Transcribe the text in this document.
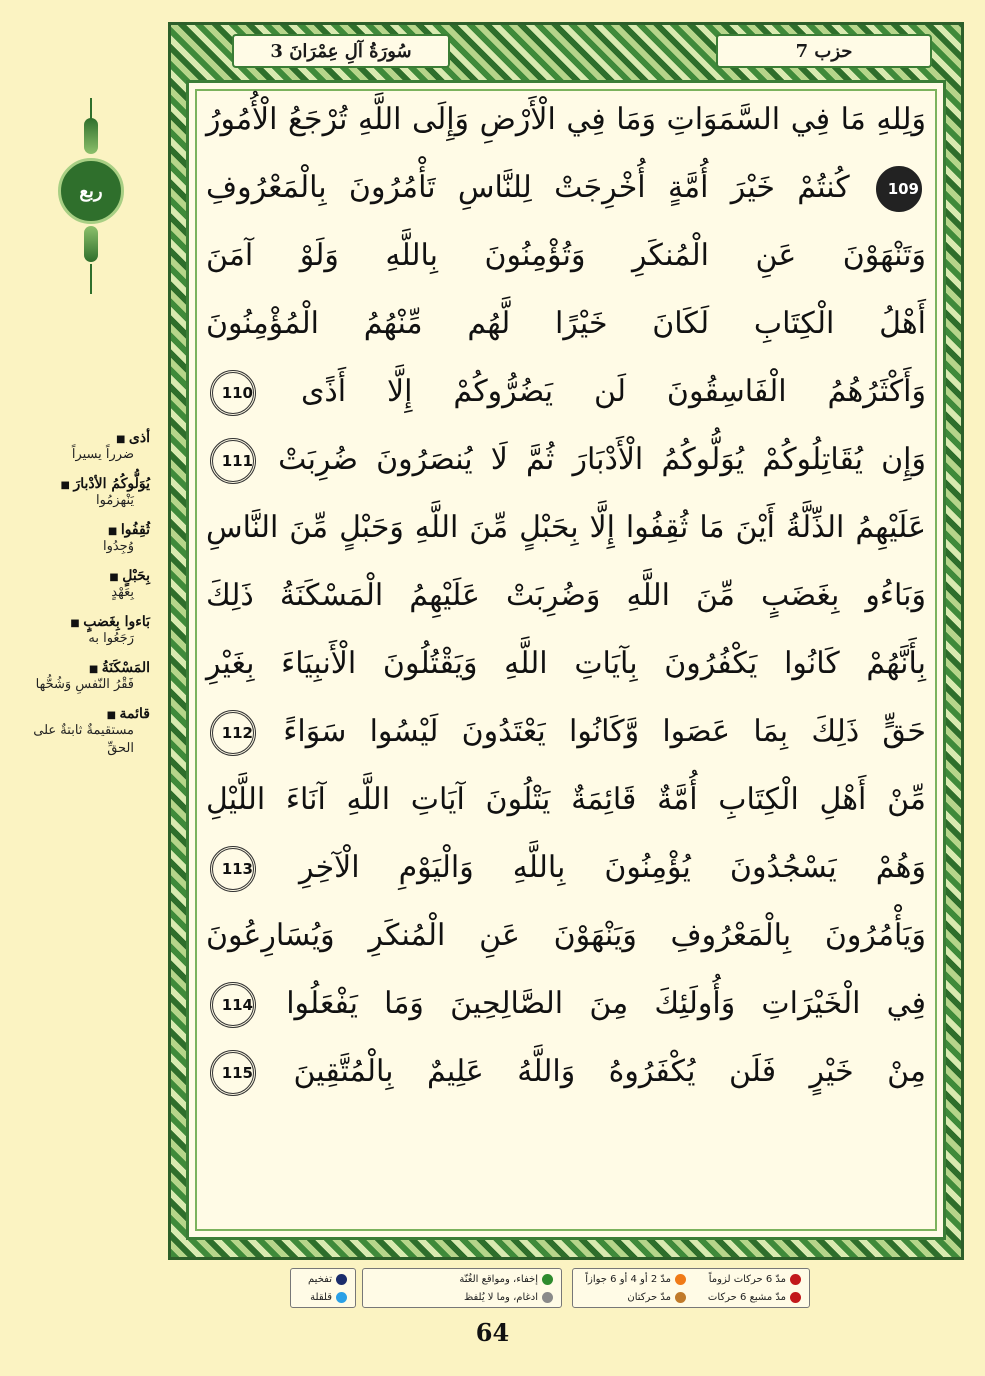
سُورَةُ آلِ عِمْرَانَ 3	حزب 7
وَلِلهِ مَا فِي السَّمَوَاتِ وَمَا فِي الْأَرْضِ وَإِلَى اللَّهِ تُرْجَعُ الْأُمُورُ
109 كُنتُمْ خَيْرَ أُمَّةٍ أُخْرِجَتْ لِلنَّاسِ تَأْمُرُونَ بِالْمَعْرُوفِ
وَتَنْهَوْنَ عَنِ الْمُنكَرِ وَتُؤْمِنُونَ بِاللَّهِ وَلَوْ آمَنَ
أَهْلُ الْكِتَابِ لَكَانَ خَيْرًا لَّهُم مِّنْهُمُ الْمُؤْمِنُونَ
وَأَكْثَرُهُمُ الْفَاسِقُونَ لَن يَضُرُّوكُمْ إِلَّا أَذًى 110
وَإِن يُقَاتِلُوكُمْ يُوَلُّوكُمُ الْأَدْبَارَ ثُمَّ لَا يُنصَرُونَ ضُرِبَتْ 111
عَلَيْهِمُ الذِّلَّةُ أَيْنَ مَا ثُقِفُوا إِلَّا بِحَبْلٍ مِّنَ اللَّهِ وَحَبْلٍ مِّنَ النَّاسِ
وَبَاءُو بِغَضَبٍ مِّنَ اللَّهِ وَضُرِبَتْ عَلَيْهِمُ الْمَسْكَنَةُ ذَلِكَ
بِأَنَّهُمْ كَانُوا يَكْفُرُونَ بِآيَاتِ اللَّهِ وَيَقْتُلُونَ الْأَنبِيَاءَ بِغَيْرِ
حَقٍّ ذَلِكَ بِمَا عَصَوا وَّكَانُوا يَعْتَدُونَ لَيْسُوا سَوَاءً 112
مِّنْ أَهْلِ الْكِتَابِ أُمَّةٌ قَائِمَةٌ يَتْلُونَ آيَاتِ اللَّهِ آنَاءَ اللَّيْلِ
وَهُمْ يَسْجُدُونَ يُؤْمِنُونَ بِاللَّهِ وَالْيَوْمِ الْآخِرِ 113
وَيَأْمُرُونَ بِالْمَعْرُوفِ وَيَنْهَوْنَ عَنِ الْمُنكَرِ وَيُسَارِعُونَ
فِي الْخَيْرَاتِ وَأُولَئِكَ مِنَ الصَّالِحِينَ وَمَا يَفْعَلُوا 114
مِنْ خَيْرٍ فَلَن يُكْفَرُوهُ وَاللَّهُ عَلِيمٌ بِالْمُتَّقِينَ 115
ربع
أذى ■
ضرراً يسيراً
يُوَلُّوكُمُ الأدْبارَ ■
يَنْهزمُوا
ثُقِفُوا ■
وُجِدُوا
بِحَبْلٍ ■
بِعَهْدٍ
بَاءوا بِغَضبٍ ■
رَجَعُوا به
المَسْكَنَةُ ■
فَقْرُ النّفسِ وَشُحُّها
قائمة ■
مستقيمةٌ ثابتةٌ على الحقِّ
مدّ 6 حركات لزوماً
مدّ 2 أو 4 أو 6 جوازاً
مدّ مشبع 6 حركات
مدّ حركتان
إخفاء، ومواقع الغُنّة
ادغام، وما لا يُلفظ
تفخيم
قلقلة
64
